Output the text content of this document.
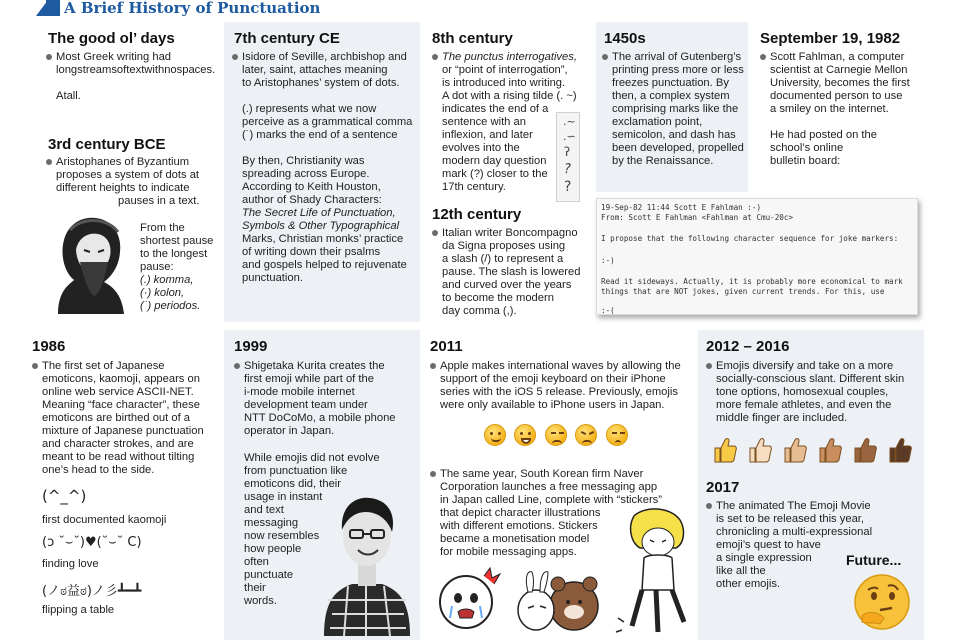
A Brief History of Punctuation
The good ol’ days
Most Greek writing had
longstreamsoftextwithnospaces.
Atall.
3rd century BCE
Aristophanes of Byzantium
proposes a system of dots at
different heights to indicate
pauses in a text.
From the
shortest pause
to the longest
pause:
(.) komma,
(·) kolon,
(˙) periodos.
7th century CE
Isidore of Seville, archbishop and
later, saint, attaches meaning
to Aristophanes’ system of dots.
(.) represents what we now
perceive as a grammatical comma
(˙) marks the end of a sentence
By then, Christianity was
spreading across Europe.
According to Keith Houston,
author of Shady Characters:
The Secret Life of Punctuation,
Symbols & Other Typographical
Marks, Christian monks’ practice
of writing down their psalms
and gospels helped to rejuvenate
punctuation.
8th century
The punctus interrogatives,
or “point of interrogation”,
is introduced into writing.
A dot with a rising tilde (. ~)
indicates the end of a
sentence with an
inflexion, and later
evolves into the
modern day question
mark (?) closer to the
17th century.
.~
.∽
ʔ
?
?
12th century
Italian writer Boncompagno
da Signa proposes using
a slash (/) to represent a
pause. The slash is lowered
and curved over the years
to become the modern
day comma (,).
1450s
The arrival of Gutenberg’s
printing press more or less
freezes punctuation. By
then, a complex system
comprising marks like the
exclamation point,
semicolon, and dash has
been developed, propelled
by the Renaissance.
September 19, 1982
Scott Fahlman, a computer
scientist at Carnegie Mellon
University, becomes the first
documented person to use
a smiley on the internet.
He had posted on the
school’s online
bulletin board:
19-Sep-82 11:44 Scott E Fahlman :-)
From: Scott E Fahlman <Fahlman at Cmu-20c>
I propose that the following character sequence for joke markers:
:-)
Read it sideways. Actually, it is probably more economical to mark
things that are NOT jokes, given current trends. For this, use
:-(
1986
The first set of Japanese
emoticons, kaomoji, appears on
online web service ASCII-NET.
Meaning “face character”, these
emoticons are birthed out of a
mixture of Japanese punctuation
and character strokes, and are
meant to be read without tilting
one’s head to the side.
(^_^)
first documented kaomoji
(ɔ ˘⌣˘)♥(˘⌣˘ C)
finding love
(ノಠ益ಠ)ノ彡┻━┻
flipping a table
1999
Shigetaka Kurita creates the
first emoji while part of the
i-mode mobile internet
development team under
NTT DoCoMo, a mobile phone
operator in Japan.
While emojis did not evolve
from punctuation like
emoticons did, their
usage in instant
and text
messaging
now resembles
how people
often
punctuate
their
words.
2011
Apple makes international waves by allowing the
support of the emoji keyboard on their iPhone
series with the iOS 5 release. Previously, emojis
were only available to iPhone users in Japan.
The same year, South Korean firm Naver
Corporation launches a free messaging app
in Japan called Line, complete with “stickers”
that depict character illustrations
with different emotions. Stickers
became a monetisation model
for mobile messaging apps.
2012 – 2016
Emojis diversify and take on a more
socially-conscious slant. Different skin
tone options, homosexual couples,
more female athletes, and even the
middle finger are included.
2017
The animated The Emoji Movie
is set to be released this year,
chronicling a multi-expressional
emoji’s quest to have
a single expression
like all the
other emojis.
Future...
